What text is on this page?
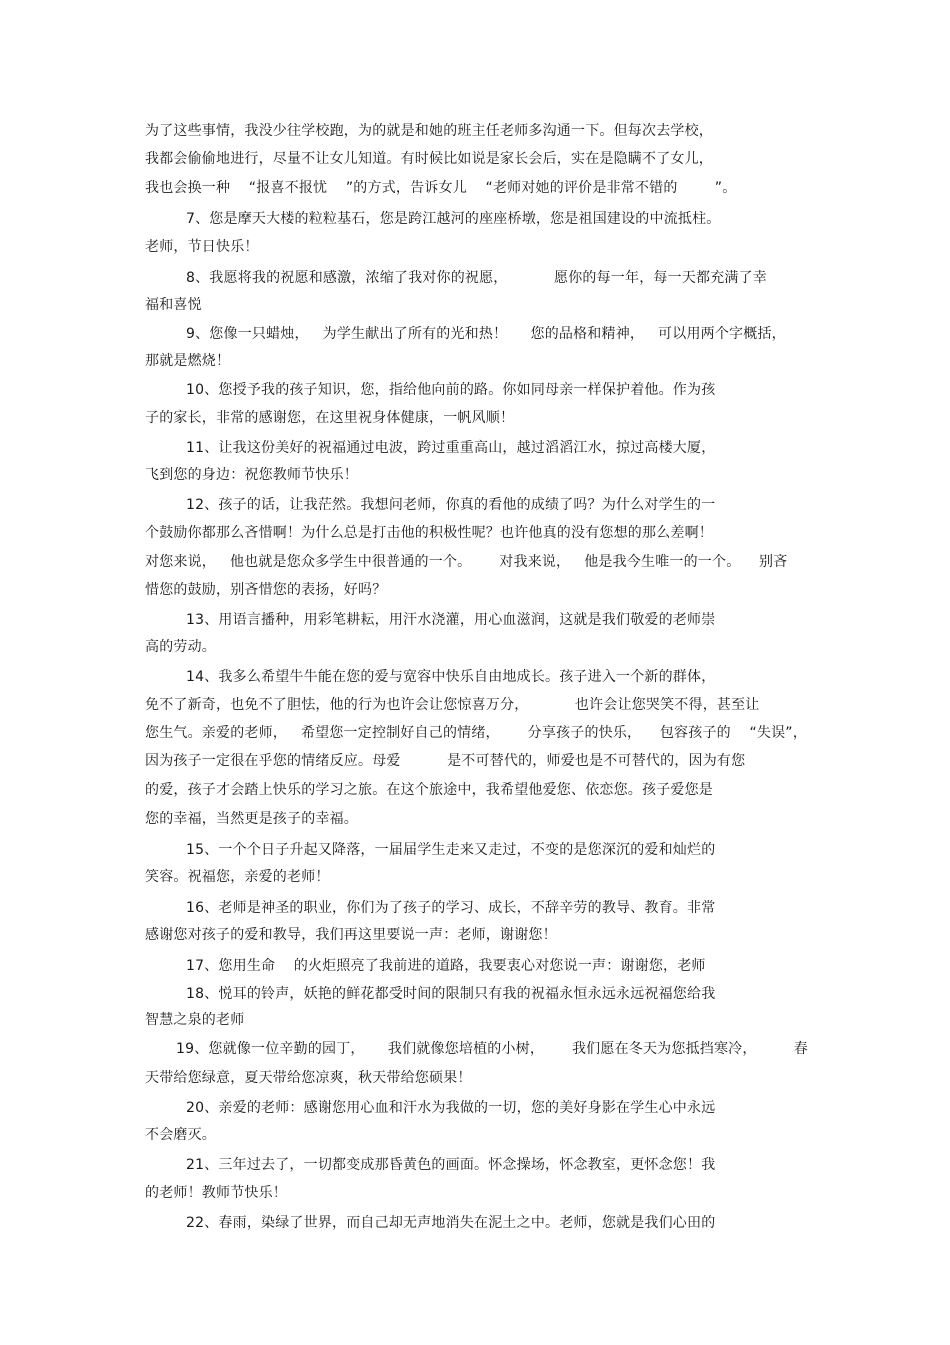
为了这些事情，我没少往学校跑，为的就是和她的班主任老师多沟通一下。但每次去学校，
我都会偷偷地进行，尽量不让女儿知道。有时候比如说是家长会后，实在是隐瞒不了女儿，
我也会换一种    “报喜不报忧    ”的方式，告诉女儿    “老师对她的评价是非常不错的        ”。
7、您是摩天大楼的粒粒基石，您是跨江越河的座座桥墩，您是祖国建设的中流抵柱。
老师，节日快乐！
8、我愿将我的祝愿和感激，浓缩了我对你的祝愿，          愿你的每一年，每一天都充满了幸
福和喜悦
9、您像一只蜡烛，   为学生献出了所有的光和热！     您的品格和精神，   可以用两个字概括，
那就是燃烧！
10、您授予我的孩子知识，您，指给他向前的路。你如同母亲一样保护着他。作为孩
子的家长，非常的感谢您，在这里祝身体健康，一帆风顺！
11、让我这份美好的祝福通过电波，跨过重重高山，越过滔滔江水，掠过高楼大厦，
飞到您的身边：祝您教师节快乐！
12、孩子的话，让我茫然。我想问老师，你真的看他的成绩了吗？为什么对学生的一
个鼓励你都那么吝惜啊！为什么总是打击他的积极性呢？也许他真的没有您想的那么差啊！
对您来说，   他也就是您众多学生中很普通的一个。      对我来说，   他是我今生唯一的一个。    别吝
惜您的鼓励，别吝惜您的表扬，好吗？
13、用语言播种，用彩笔耕耘，用汗水浇灌，用心血滋润，这就是我们敬爱的老师崇
高的劳动。
14、我多么希望牛牛能在您的爱与宽容中快乐自由地成长。孩子进入一个新的群体，
免不了新奇，也免不了胆怯，他的行为也许会让您惊喜万分，          也许会让您哭笑不得，甚至让
您生气。亲爱的老师，   希望您一定控制好自己的情绪，      分享孩子的快乐，    包容孩子的    “失误”，
因为孩子一定很在乎您的情绪反应。母爱          是不可替代的，师爱也是不可替代的，因为有您
的爱，孩子才会踏上快乐的学习之旅。在这个旅途中，我希望他爱您、依恋您。孩子爱您是
您的幸福，当然更是孩子的幸福。
15、一个个日子升起又降落，一届届学生走来又走过，不变的是您深沉的爱和灿烂的
笑容。祝福您，亲爱的老师！
16、老师是神圣的职业，你们为了孩子的学习、成长，不辞辛劳的教导、教育。非常
感谢您对孩子的爱和教导，我们再这里要说一声：老师，谢谢您！
17、您用生命    的火炬照亮了我前进的道路，我要衷心对您说一声：谢谢您，老师
18、悦耳的铃声，妖艳的鲜花都受时间的限制只有我的祝福永恒永远永远祝福您给我
智慧之泉的老师
19、您就像一位辛勤的园丁，     我们就像您培植的小树，      我们愿在冬天为您抵挡寒冷，        春
天带给您绿意，夏天带给您凉爽，秋天带给您硕果！
20、亲爱的老师：感谢您用心血和汗水为我做的一切，您的美好身影在学生心中永远
不会磨灭。
21、三年过去了，一切都变成那昏黄色的画面。怀念操场，怀念教室，更怀念您！我
的老师！教师节快乐！
22、春雨，染绿了世界，而自己却无声地消失在泥土之中。老师，您就是我们心田的
